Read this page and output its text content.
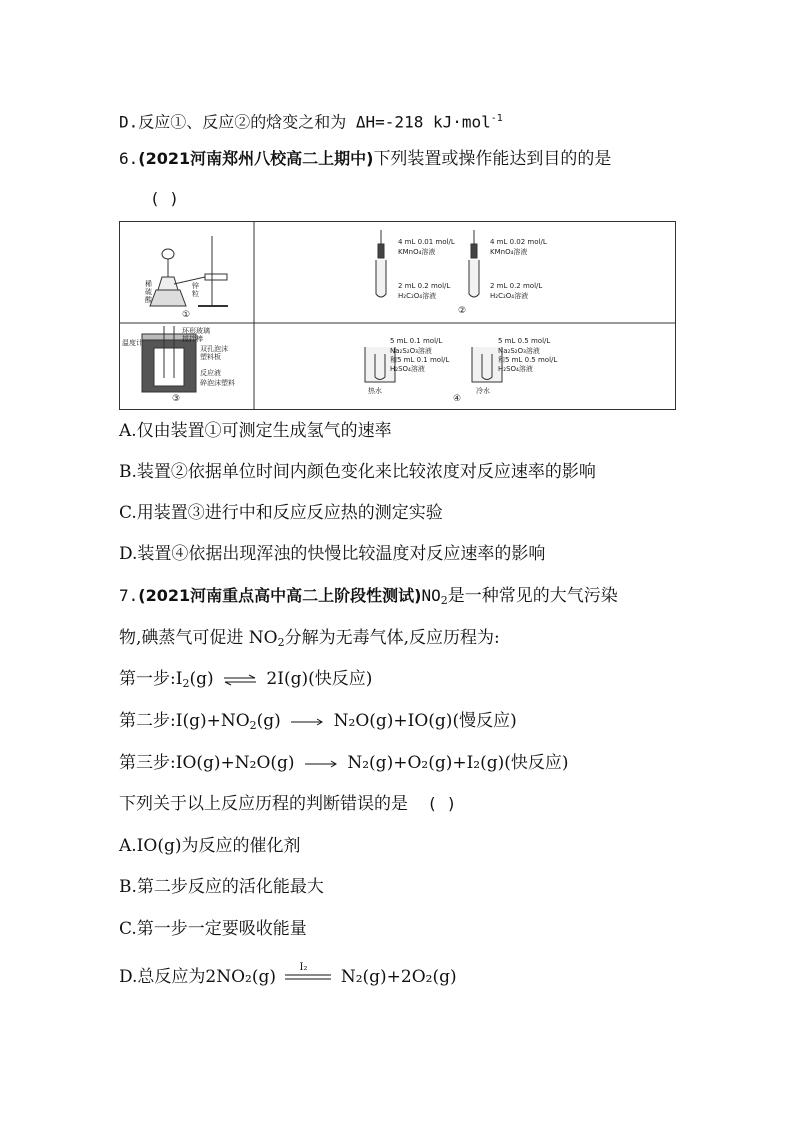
D.反应①、反应②的焓变之和为 ΔH=-218 kJ·mol$^{-1}$
6.(2021河南郑州八校高二上期中)下列装置或操作能达到目的的是
( )
稀硫酸
锌粒
①
4 mL 0.01 mol/L
KMnO₄溶液
2 mL 0.2 mol/L
H₂C₂O₄溶液
4 mL 0.02 mol/L
KMnO₄溶液
2 mL 0.2 mol/L
H₂C₂O₄溶液
②
温度计
环形玻璃
搅拌棒
双孔泡沫
塑料板
反应液
碎泡沫塑料
③
5 mL 0.1 mol/L
Na₂S₂O₃溶液
和5 mL 0.1 mol/L
H₂SO₄溶液
热水
5 mL 0.5 mol/L
Na₂S₂O₃溶液
和5 mL 0.5 mol/L
H₂SO₄溶液
冷水
④
A.仅由装置①可测定生成氢气的速率
B.装置②依据单位时间内颜色变化来比较浓度对反应速率的影响
C.用装置③进行中和反应反应热的测定实验
D.装置④依据出现浑浊的快慢比较温度对反应速率的影响
7.(2021河南重点高中高二上阶段性测试)$NO_2$是一种常见的大气污染
物,碘蒸气可促进 $NO_2$分解为无毒气体,反应历程为:
第一步$:I_2(g)$ ⇌ 2I(g)(快反应)
第二步$:I(g)+NO_2(g)$	N₂O(g)+IO(g)(慢反应)
第三步:IO(g)+N₂O(g)	N₂(g)+O₂(g)+I₂(g)(快反应)
下列关于以上反应历程的判断错误的是 ( )
A.IO(g)为反应的催化剂
B.第二步反应的活化能最大
C.第一步一定要吸收能量
D.总反应为2NO₂(g) I₂ N₂(g)+2O₂(g)
